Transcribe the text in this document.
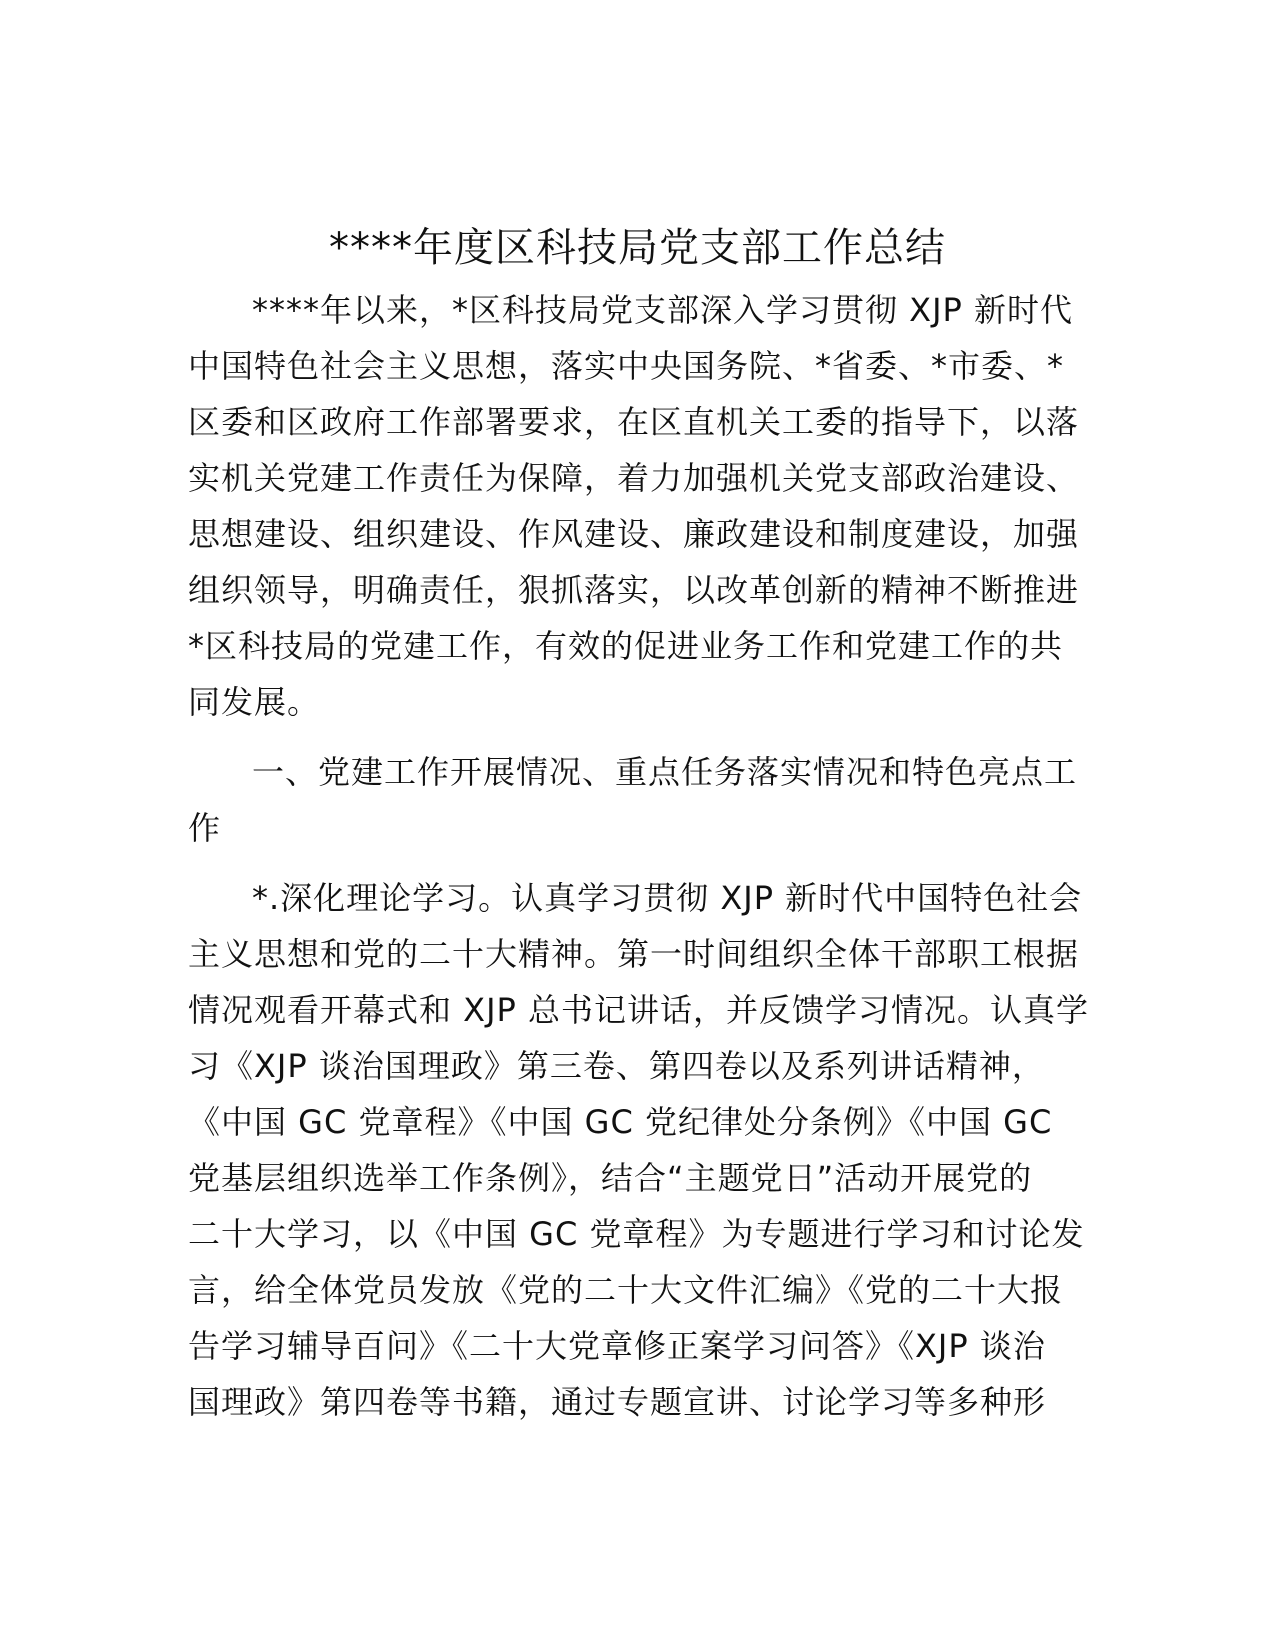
****年度区科技局党支部工作总结
****年以来，*区科技局党支部深入学习贯彻 XJP 新时代
中国特色社会主义思想，落实中央国务院、*省委、*市委、*
区委和区政府工作部署要求，在区直机关工委的指导下，以落
实机关党建工作责任为保障，着力加强机关党支部政治建设、
思想建设、组织建设、作风建设、廉政建设和制度建设，加强
组织领导，明确责任，狠抓落实，以改革创新的精神不断推进
*区科技局的党建工作，有效的促进业务工作和党建工作的共
同发展。
一、党建工作开展情况、重点任务落实情况和特色亮点工
作
*.深化理论学习。认真学习贯彻 XJP 新时代中国特色社会
主义思想和党的二十大精神。第一时间组织全体干部职工根据
情况观看开幕式和 XJP 总书记讲话，并反馈学习情况。认真学
习《XJP 谈治国理政》第三卷、第四卷以及系列讲话精神，
《中国 GC 党章程》《中国 GC 党纪律处分条例》《中国 GC
党基层组织选举工作条例》，结合“主题党日”活动开展党的
二十大学习，以《中国 GC 党章程》为专题进行学习和讨论发
言，给全体党员发放《党的二十大文件汇编》《党的二十大报
告学习辅导百问》《二十大党章修正案学习问答》《XJP 谈治
国理政》第四卷等书籍，通过专题宣讲、讨论学习等多种形
